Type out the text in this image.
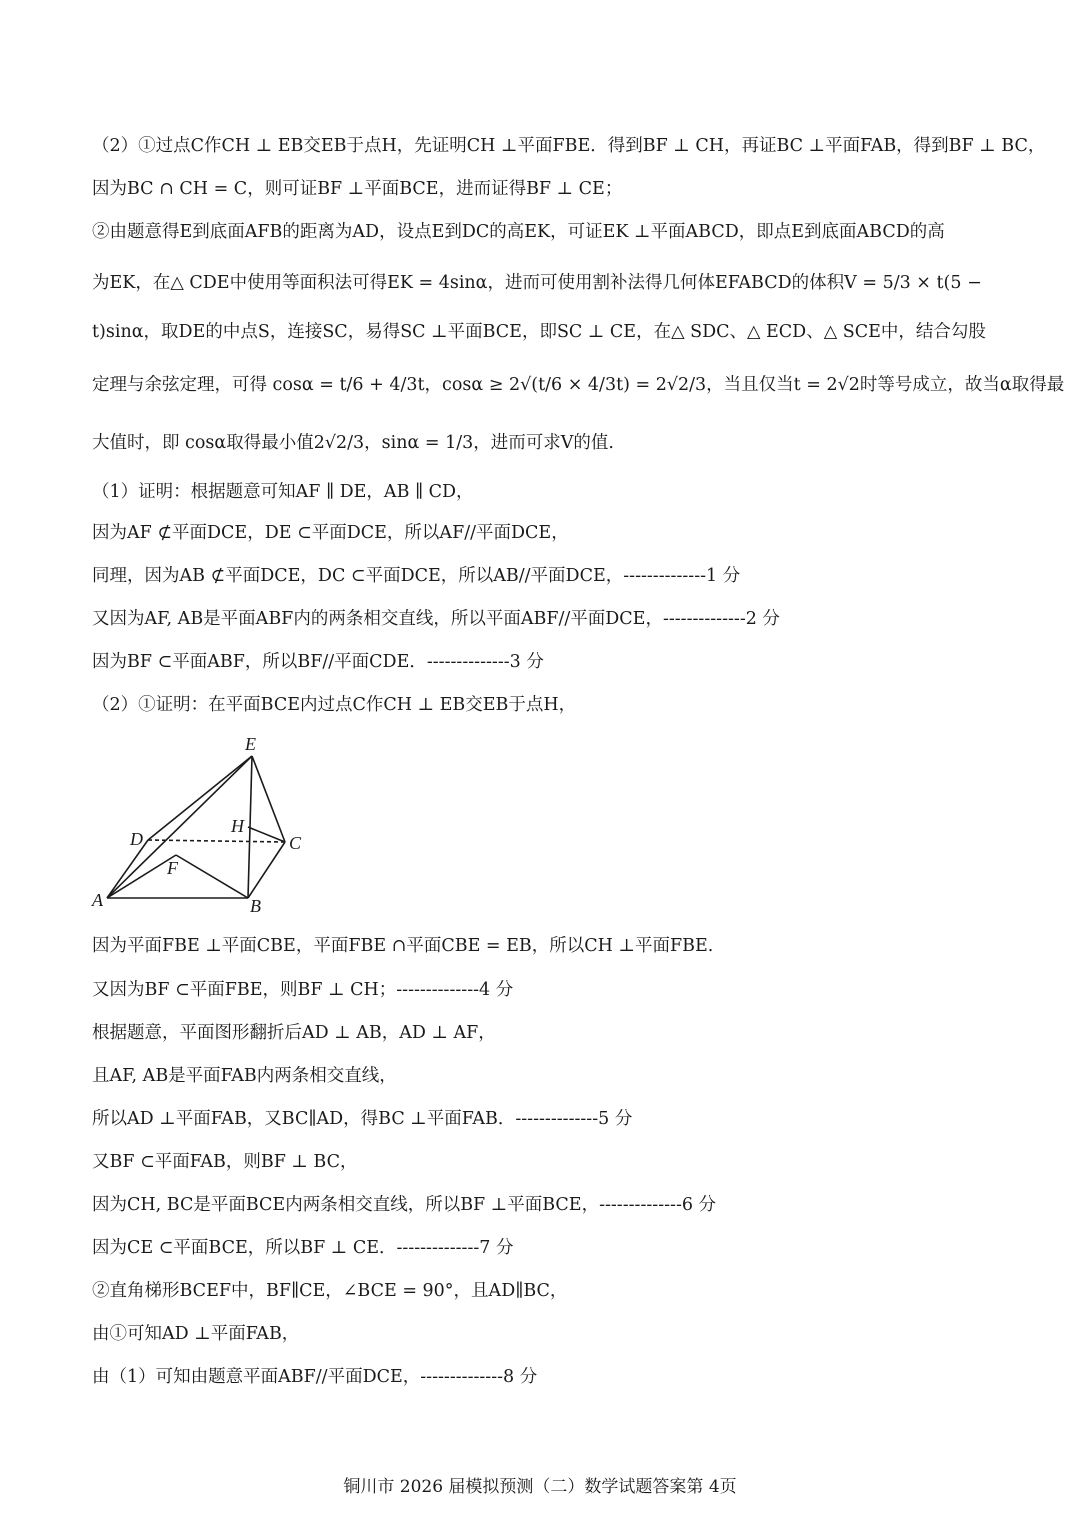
（2）①过点C作CH ⊥ EB交EB于点H，先证明CH ⊥平面FBE．得到BF ⊥ CH，再证BC ⊥平面FAB，得到BF ⊥ BC，
因为BC ∩ CH = C，则可证BF ⊥平面BCE，进而证得BF ⊥ CE；
②由题意得E到底面AFB的距离为AD，设点E到DC的高EK，可证EK ⊥平面ABCD，即点E到底面ABCD的高
为EK，在△ CDE中使用等面积法可得EK = 4sinα，进而可使用割补法得几何体EFABCD的体积V = 5/3 × t(5 −
t)sinα，取DE的中点S，连接SC，易得SC ⊥平面BCE，即SC ⊥ CE，在△ SDC、△ ECD、△ SCE中，结合勾股
定理与余弦定理，可得 cosα = t/6 + 4/3t，cosα ≥ 2√(t/6 × 4/3t) = 2√2/3，当且仅当t = 2√2时等号成立，故当α取得最
大值时，即 cosα取得最小值2√2/3，sinα = 1/3，进而可求V的值.
（1）证明：根据题意可知AF ∥ DE，AB ∥ CD，
因为AF ⊄平面DCE，DE ⊂平面DCE，所以AF//平面DCE，
同理，因为AB ⊄平面DCE，DC ⊂平面DCE，所以AB//平面DCE，--------------1 分
又因为AF, AB是平面ABF内的两条相交直线，所以平面ABF//平面DCE，--------------2 分
因为BF ⊂平面ABF，所以BF//平面CDE．--------------3 分
（2）①证明：在平面BCE内过点C作CH ⊥ EB交EB于点H，
E
H
D	C
F
A	B
因为平面FBE ⊥平面CBE，平面FBE ∩平面CBE = EB，所以CH ⊥平面FBE.
又因为BF ⊂平面FBE，则BF ⊥ CH；--------------4 分
根据题意，平面图形翻折后AD ⊥ AB，AD ⊥ AF，
且AF, AB是平面FAB内两条相交直线，
所以AD ⊥平面FAB，又BC∥AD，得BC ⊥平面FAB．--------------5 分
又BF ⊂平面FAB，则BF ⊥ BC，
因为CH, BC是平面BCE内两条相交直线，所以BF ⊥平面BCE，--------------6 分
因为CE ⊂平面BCE，所以BF ⊥ CE．--------------7 分
②直角梯形BCEF中，BF∥CE，∠BCE = 90°，且AD∥BC，
由①可知AD ⊥平面FAB，
由（1）可知由题意平面ABF//平面DCE，--------------8 分
铜川市 2026 届模拟预测（二）数学试题答案第 4页
